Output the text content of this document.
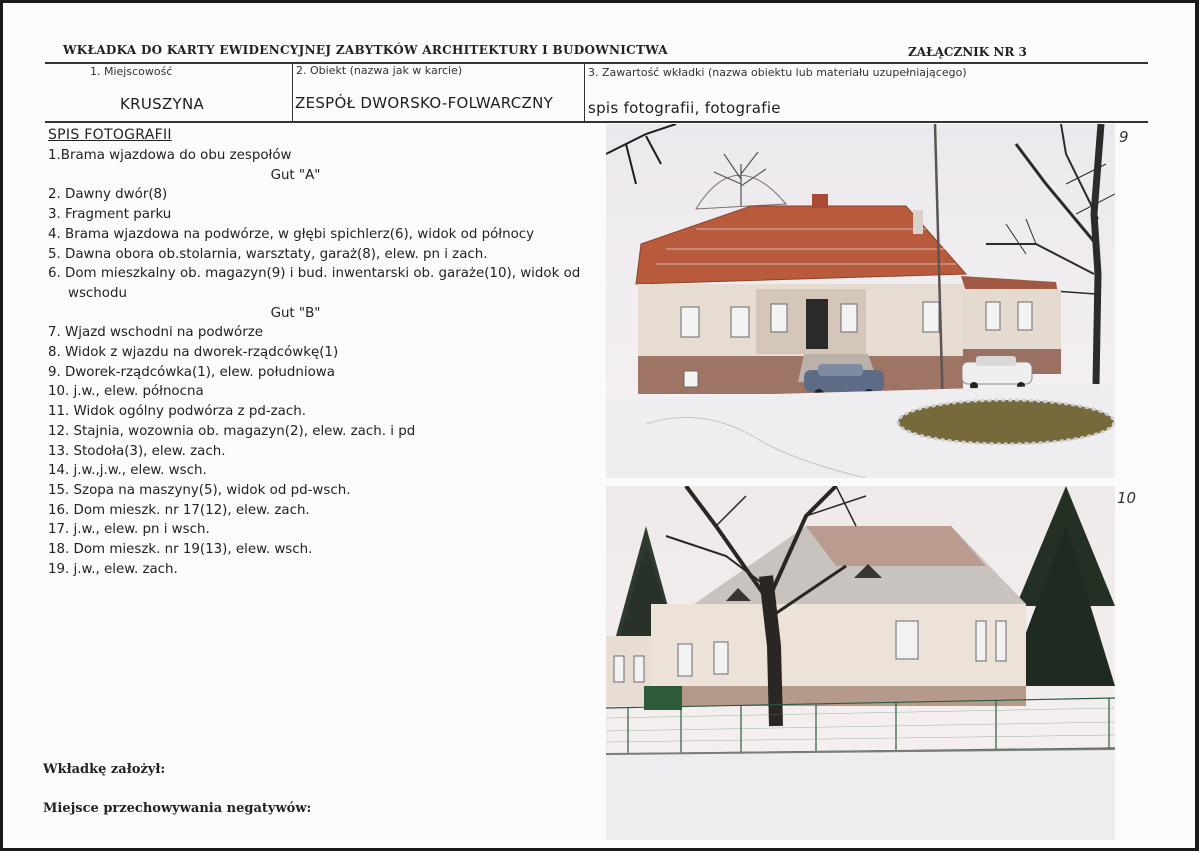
WKŁADKA DO KARTY EWIDENCYJNEJ ZABYTKÓW ARCHITEKTURY I BUDOWNICTWA	ZAŁĄCZNIK NR 3
1. Miejscowość
KRUSZYNA
2. Obiekt (nazwa jak w karcie)
ZESPÓŁ DWORSKO-FOLWARCZNY
3. Zawartość wkładki (nazwa obiektu lub materiału uzupełniającego)
spis fotografii, fotografie
SPIS FOTOGRAFII
1.Brama wjazdowa do obu zespołów
Gut "A"
2. Dawny dwór(8)
3. Fragment parku
4. Brama wjazdowa na podwórze, w głębi spichlerz(6), widok od północy
5. Dawna obora ob.stolarnia, warsztaty, garaż(8), elew. pn i zach.
6. Dom mieszkalny ob. magazyn(9) i bud. inwentarski ob. garaże(10), widok od wschodu
Gut "B"
7. Wjazd wschodni na podwórze
8. Widok z wjazdu na dworek-rządcówkę(1)
9. Dworek-rządcówka(1), elew. południowa
10. j.w., elew. północna
11. Widok ogólny podwórza z pd-zach.
12. Stajnia, wozownia ob. magazyn(2), elew. zach. i pd
13. Stodoła(3), elew. zach.
14. j.w.,j.w., elew. wsch.
15. Szopa na maszyny(5), widok od pd-wsch.
16. Dom mieszk. nr 17(12), elew. zach.
17. j.w., elew. pn i wsch.
18. Dom mieszk. nr 19(13), elew. wsch.
19. j.w., elew. zach.
Wkładkę założył:
Miejsce przechowywania negatywów:
9
10
